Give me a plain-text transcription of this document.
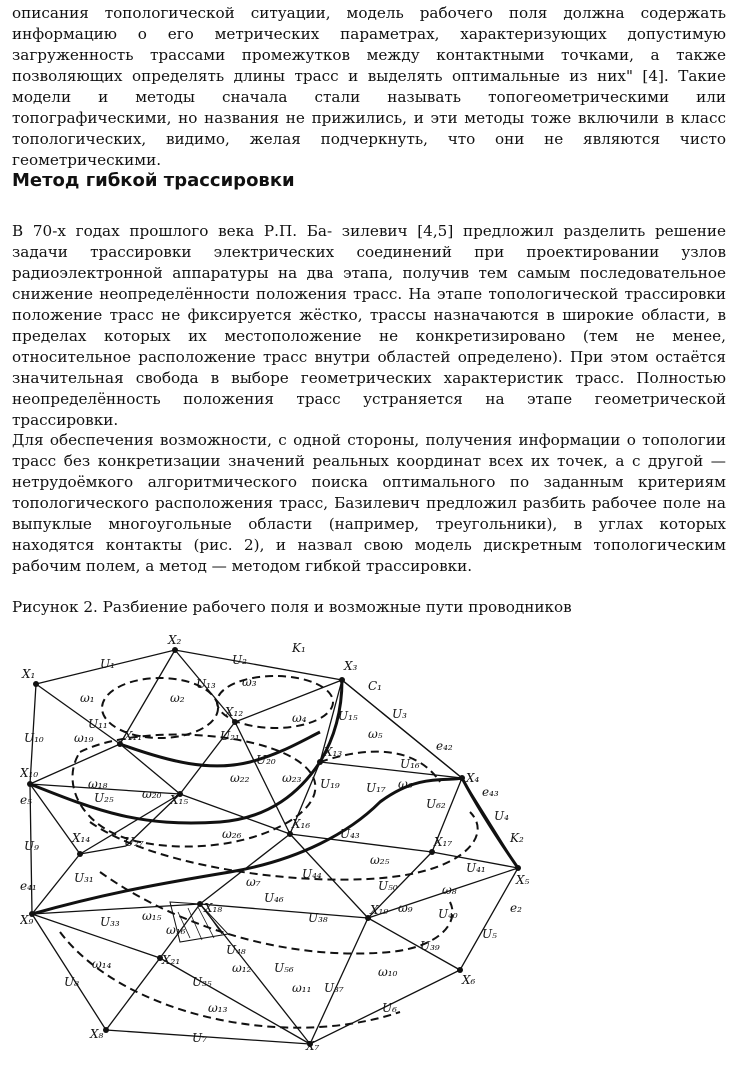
описания топологической ситуации, модель рабочего поля должна содержать информацию о его метрических параметрах, характеризующих допустимую загруженность трассами промежутков между контактными точками, а также позволяющих определять длины трасс и выделять оптимальные из них" [4]. Такие модели и методы сначала стали называть топогеометрическими или топографическими, но названия не прижились, и эти методы тоже включили в класс топологических, видимо, желая подчеркнуть, что они не являются чисто геометрическими.

Метод гибкой трассировки

В 70-х годах прошлого века Р.П. Ба- зилевич [4,5] предложил разделить решение задачи трассировки электрических соединений при проектировании узлов радиоэлектронной аппаратуры на два этапа, получив тем самым последовательное снижение неопределённости положения трасс. На этапе топологической трассировки положение трасс не фиксируется жёстко, трассы назначаются в широкие области, в пределах которых их местоположение не конкретизировано (тем не менее, относительное расположение трасс внутри областей определено). При этом остаётся значительная свобода в выборе геометрических характеристик трасс. Полностью неопределённость положения трасс устраняется на этапе геометрической трассировки.

Для обеспечения возможности, с одной стороны, получения информации о топологии трасс без конкретизации значений реальных координат всех их точек, а с другой — нетрудоёмкого алгоритмического поиска оптимального по заданным критериям топологического расположения трасс, Базилевич предложил разбить рабочее поле на выпуклые многоугольные области (например, треугольники), в углах которых находятся контакты (рис. 2), и назвал свою модель дискретным топологическим рабочим полем, а метод — методом гибкой трассировки.

Рисунок 2. Разбиение рабочего поля и возможные пути проводников

X₁
X₂
X₃
K₁
C₁
X₁₀
e₅
X₁₁
X₁₂
X₁₃	e₄₂
X₄
e₄₃
X₁₅
X₁₄
X₁₆
X₁₇	K₂
X₅
e₄₁
X₉
X₁₈	X₁₉
X₂₁
e₂
X₆
X₈
X₇
U₁	U₂
U₃
U₄
U₅
U₆
U₇
U₈
U₉
U₁₀
U₁₁
U₁₃
U₁₅
U₁₆
U₁₇
U₁₉
U₂₀
U₂₁
U₂₅
U₂₇
U₃₁
U₃₃
U₃₅	U₃₇
U₃₈
U₃₉
U₄₀
U₄₁
U₄₃
U₄₄
U₄₆
U₄₈
U₅₀
U₅₆
U₆₂
ω₁	ω₂
ω₃
ω₄
ω₅
ω₆
ω₇
ω₈
ω₉
ω₁₀
ω₁₁
ω₁₂
ω₁₃
ω₁₄
ω₁₅
ω₁₆
ω₁₈
ω₁₉
ω₂₀
ω₂₂	ω₂₃
ω₂₅
ω₂₆
